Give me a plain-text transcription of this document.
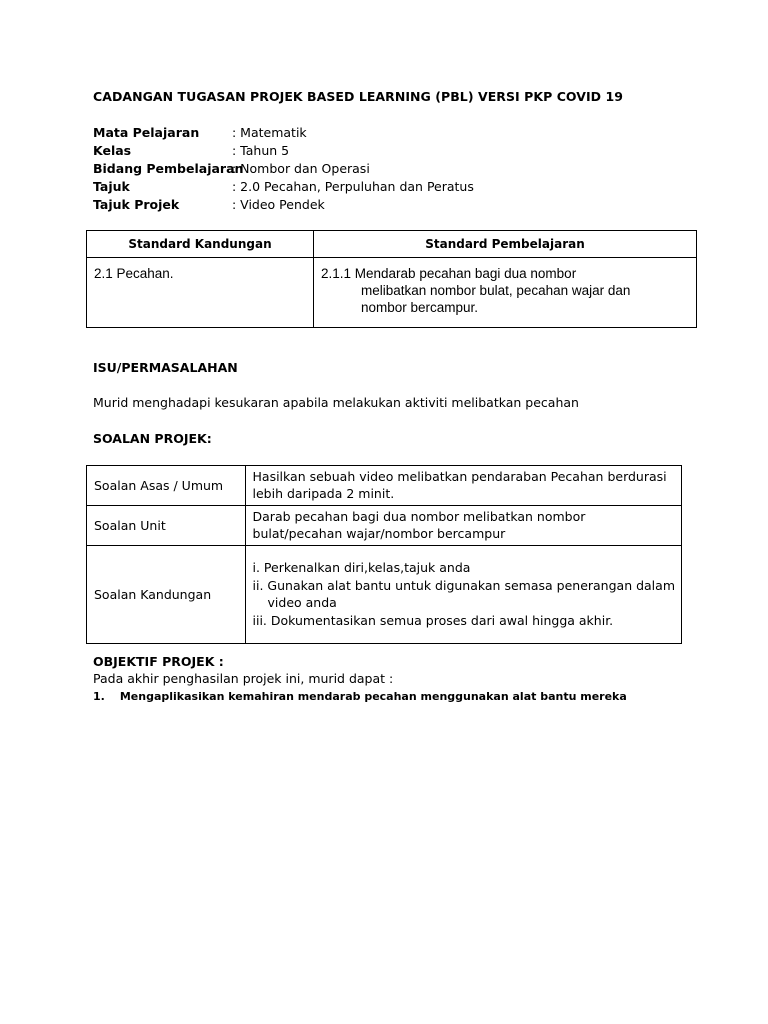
CADANGAN TUGASAN PROJEK BASED LEARNING (PBL) VERSI PKP COVID 19
Mata Pelajaran	: Matematik
Kelas	: Tahun 5
Bidang Pembelajaran
: Nombor dan Operasi
Tajuk	: 2.0 Pecahan, Perpuluhan dan Peratus
Tajuk Projek	: Video Pendek
Standard Kandungan	Standard Pembelajaran
2.1 Pecahan.	2.1.1 Mendarab pecahan bagi dua nombor
melibatkan nombor bulat, pecahan wajar dan
nombor bercampur.
ISU/PERMASALAHAN
Murid menghadapi kesukaran apabila melakukan aktiviti melibatkan pecahan
SOALAN PROJEK:
Soalan Asas / Umum	Hasilkan sebuah video melibatkan pendaraban Pecahan berdurasi
lebih daripada 2 minit.

Soalan Unit	Darab pecahan bagi dua nombor melibatkan nombor
bulat/pecahan wajar/nombor bercampur

Soalan Kandungan	i. Perkenalkan diri,kelas,tajuk anda
ii. Gunakan alat bantu untuk digunakan semasa penerangan dalam
video anda
iii. Dokumentasikan semua proses dari awal hingga akhir.
OBJEKTIF PROJEK :
Pada akhir penghasilan projek ini, murid dapat :
1. Mengaplikasikan kemahiran mendarab pecahan menggunakan alat bantu mereka
